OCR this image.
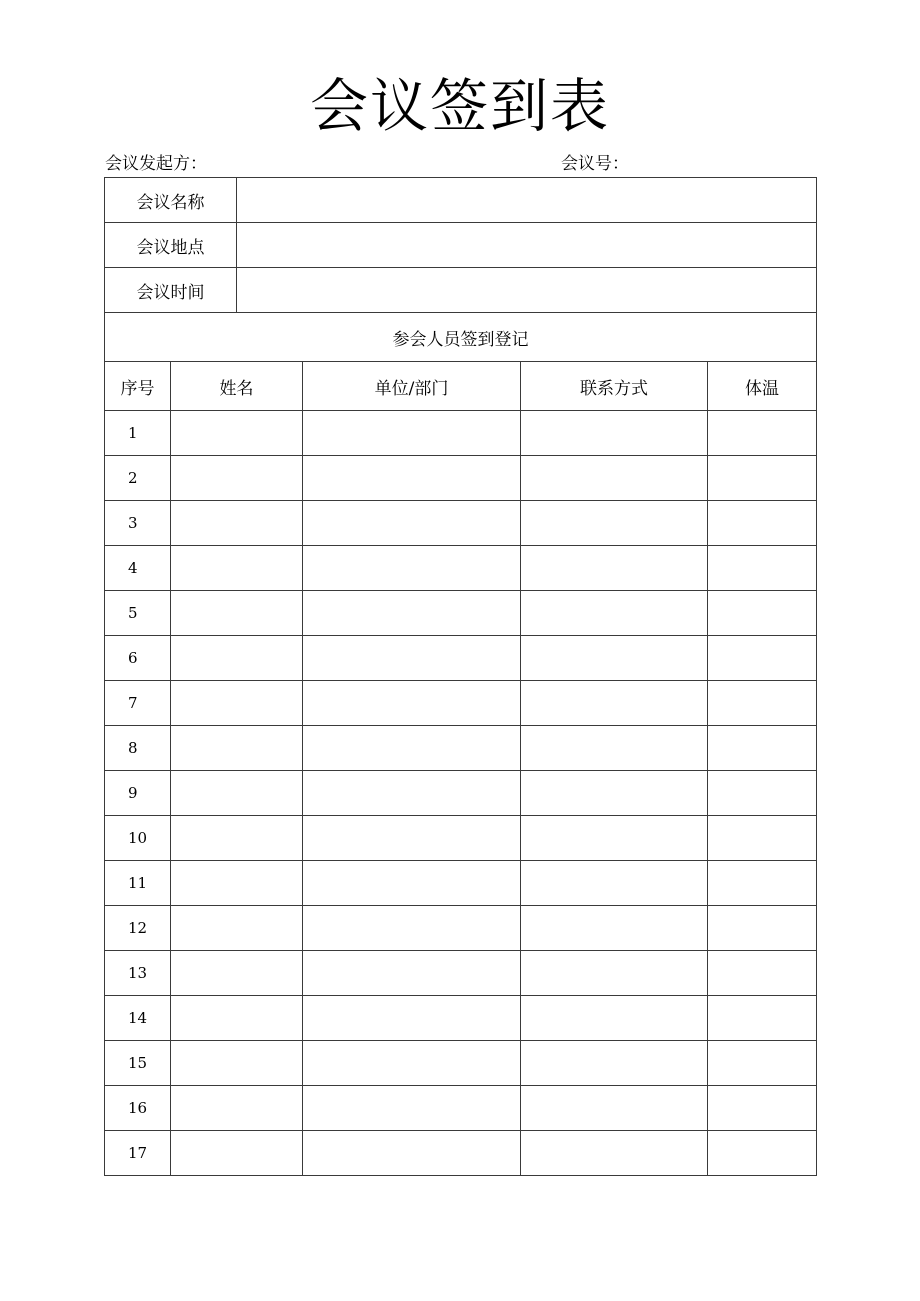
会议签到表
会议发起方：	会议号：
会议名称					
会议地点					
会议时间					
参会人员签到登记					
序号	姓名		单位/部门	联系方式	体温
1					
2					
3					
4					
5					
6					
7					
8					
9					
10					
11					
12					
13					
14					
15					
16					
17					
